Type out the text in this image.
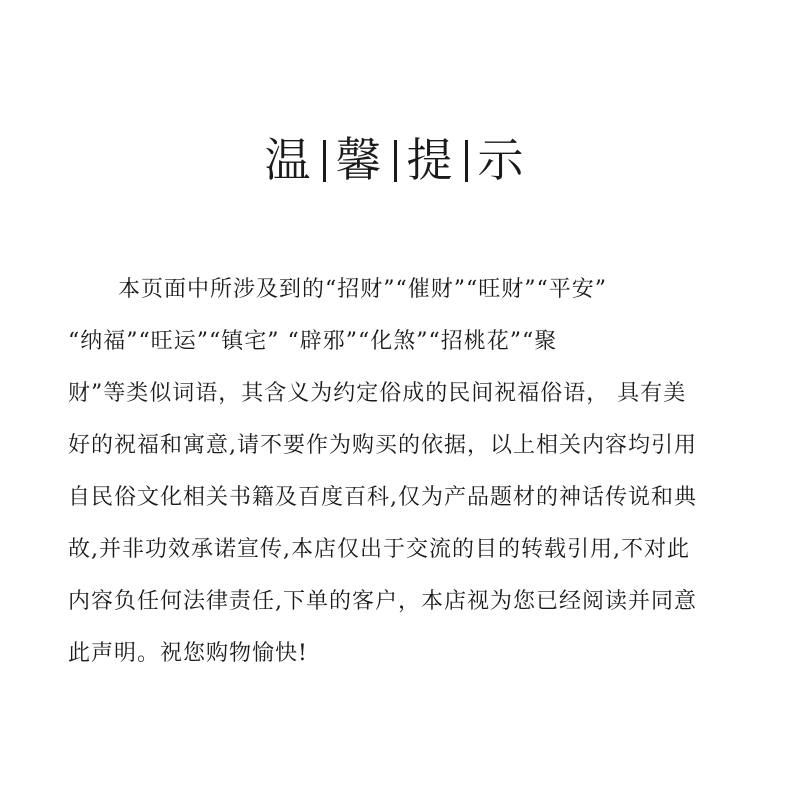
温 馨 提 示
本页面中所涉及到的“招财”“催财”“旺财”“平安”
“纳福”“旺运”“镇宅” “辟邪”“化煞”“招桃花”“聚
财”等类似词语，其含义为约定俗成的民间祝福俗语， 具有美
好的祝福和寓意,请不要作为购买的依据，以上相关内容均引用
自民俗文化相关书籍及百度百科,仅为产品题材的神话传说和典
故,并非功效承诺宣传,本店仅出于交流的目的转载引用,不对此
内容负任何法律责任,下单的客户，本店视为您已经阅读并同意
此声明。祝您购物愉快!
